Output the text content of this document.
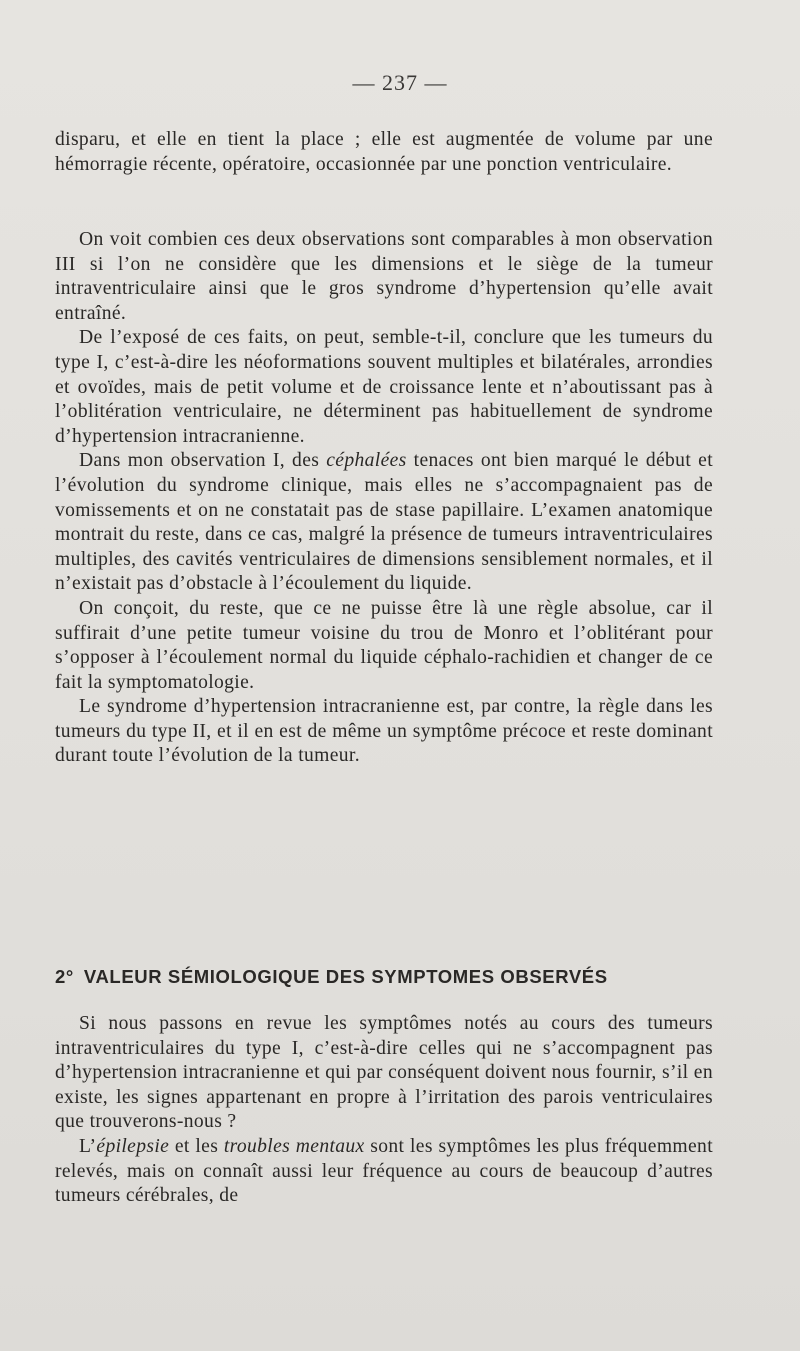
— 237 —

disparu, et elle en tient la place ; elle est augmentée de volume par une hémorragie récente, opératoire, occasionnée par une ponction ventriculaire.

On voit combien ces deux observations sont comparables à mon observation III si l’on ne considère que les dimensions et le siège de la tumeur intraventriculaire ainsi que le gros syndrome d’hypertension qu’elle avait entraîné.

De l’exposé de ces faits, on peut, semble-t-il, conclure que les tumeurs du type I, c’est-à-dire les néoformations souvent multiples et bilatérales, arrondies et ovoïdes, mais de petit volume et de croissance lente et n’aboutissant pas à l’oblitération ventriculaire, ne déterminent pas habituellement de syndrome d’hypertension intracranienne.

Dans mon observation I, des céphalées tenaces ont bien marqué le début et l’évolution du syndrome clinique, mais elles ne s’accompagnaient pas de vomissements et on ne constatait pas de stase papillaire. L’examen anatomique montrait du reste, dans ce cas, malgré la présence de tumeurs intraventriculaires multiples, des cavités ventriculaires de dimensions sensiblement normales, et il n’existait pas d’obstacle à l’écoulement du liquide.

On conçoit, du reste, que ce ne puisse être là une règle absolue, car il suffirait d’une petite tumeur voisine du trou de Monro et l’oblitérant pour s’opposer à l’écoulement normal du liquide céphalo-rachidien et changer de ce fait la symptomatologie.

Le syndrome d’hypertension intracranienne est, par contre, la règle dans les tumeurs du type II, et il en est de même un symptôme précoce et reste dominant durant toute l’évolution de la tumeur.

2° VALEUR SÉMIOLOGIQUE DES SYMPTOMES OBSERVÉS

Si nous passons en revue les symptômes notés au cours des tumeurs intraventriculaires du type I, c’est-à-dire celles qui ne s’accompagnent pas d’hypertension intracranienne et qui par conséquent doivent nous fournir, s’il en existe, les signes appartenant en propre à l’irritation des parois ventriculaires que trouverons-nous ?

L’épilepsie et les troubles mentaux sont les symptômes les plus fréquemment relevés, mais on connaît aussi leur fréquence au cours de beaucoup d’autres tumeurs cérébrales, de
